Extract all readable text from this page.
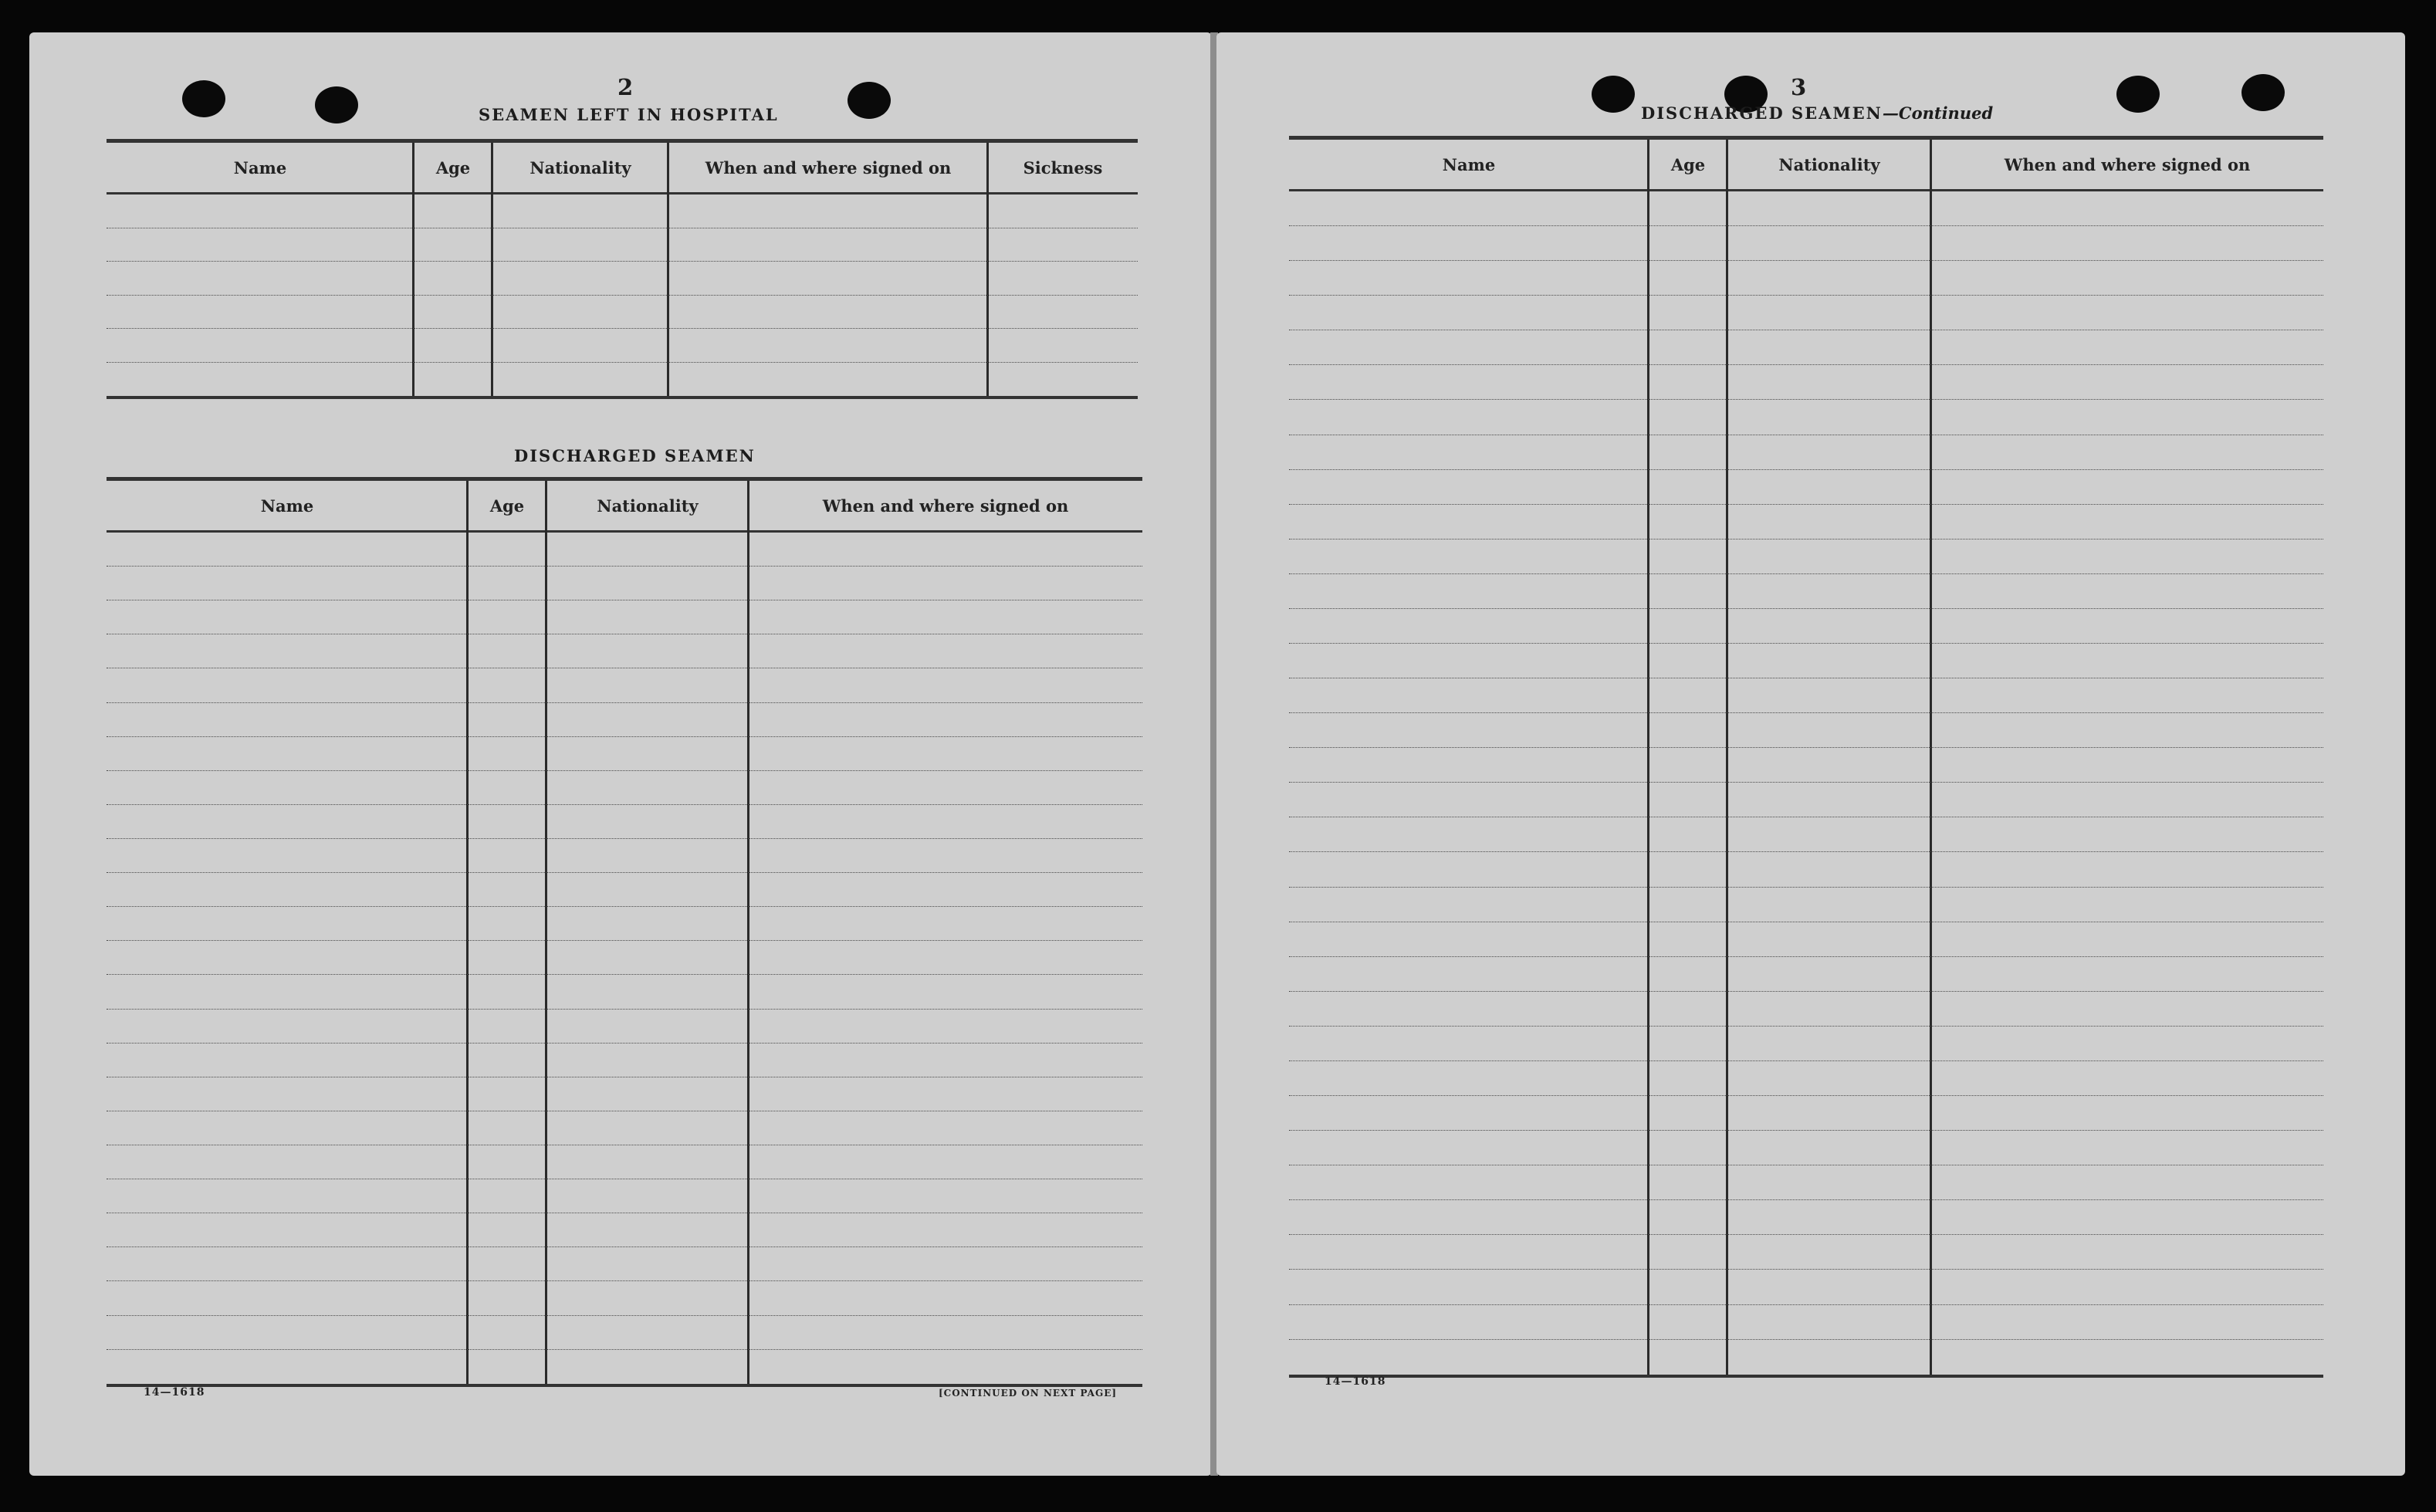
2
SEAMEN LEFT IN HOSPITAL
Name	Age	Nationality	When and where signed on	Sickness
DISCHARGED SEAMEN
Name	Age	Nationality	When and where signed on
14—1618	[CONTINUED ON NEXT PAGE]
3
DISCHARGED SEAMEN—Continued
Name	Age	Nationality	When and where signed on
14—1618
